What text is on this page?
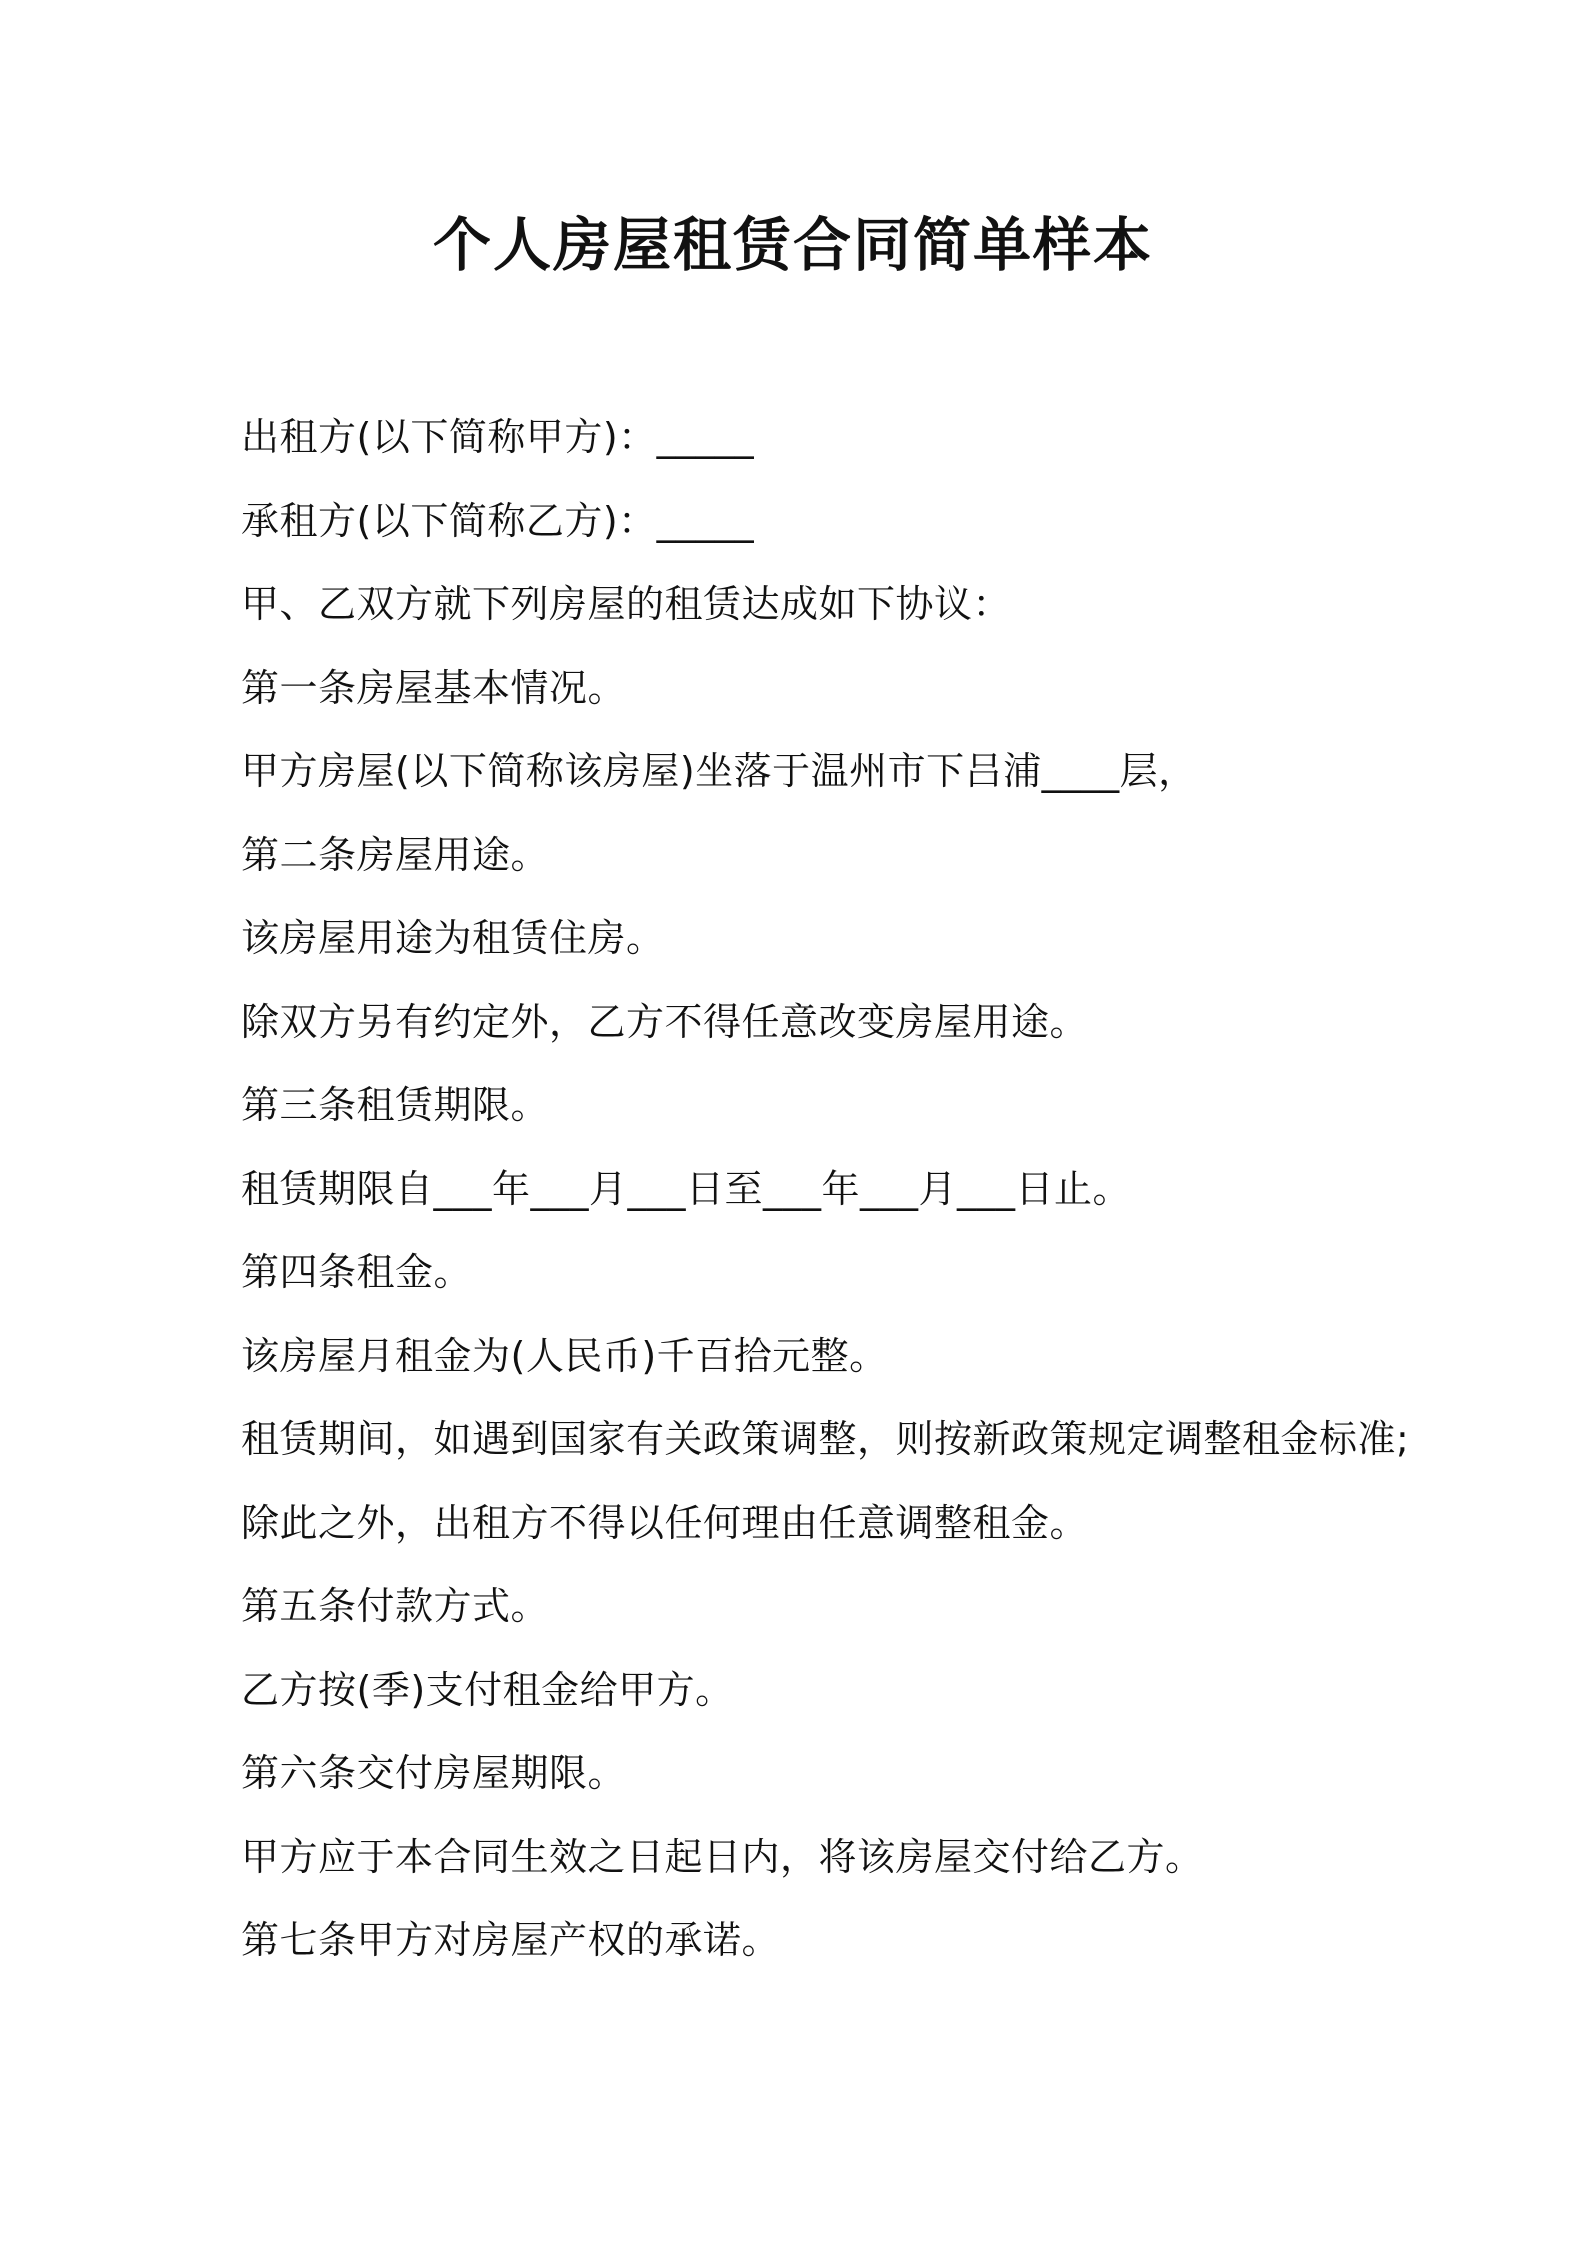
个人房屋租赁合同简单样本
出租方(以下简称甲方)：_____
承租方(以下简称乙方)：_____
甲、乙双方就下列房屋的租赁达成如下协议：
第一条房屋基本情况。
甲方房屋(以下简称该房屋)坐落于温州市下吕浦____层，
第二条房屋用途。
该房屋用途为租赁住房。
除双方另有约定外，乙方不得任意改变房屋用途。
第三条租赁期限。
租赁期限自___年___月___日至___年___月___日止。
第四条租金。
该房屋月租金为(人民币)千百拾元整。
租赁期间，如遇到国家有关政策调整，则按新政策规定调整租金标准;
除此之外，出租方不得以任何理由任意调整租金。
第五条付款方式。
乙方按(季)支付租金给甲方。
第六条交付房屋期限。
甲方应于本合同生效之日起日内，将该房屋交付给乙方。
第七条甲方对房屋产权的承诺。
